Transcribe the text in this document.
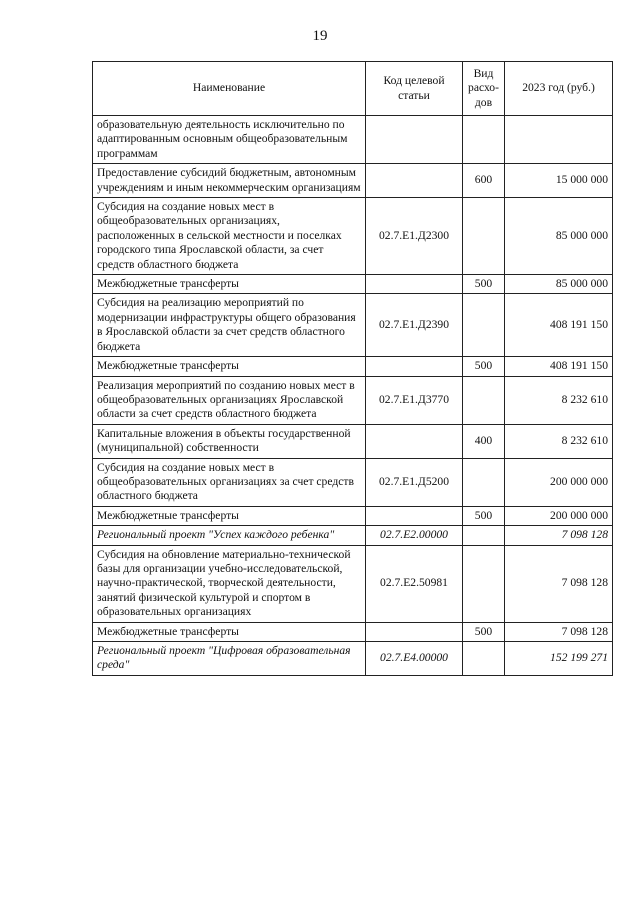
19
Наименование	Код целевой статьи	Вид расхо-дов	2023 год (руб.)
образовательную деятельность исключительно по адаптированным основным общеобразовательным программам			
Предоставление субсидий бюджетным, автономным учреждениям и иным некоммерческим организациям		600	15 000 000
Субсидия на создание новых мест в общеобразовательных организациях, расположенных в сельской местности и поселках городского типа Ярославской области, за счет средств областного бюджета	02.7.Е1.Д2300		85 000 000
Межбюджетные трансферты		500	85 000 000
Субсидия на реализацию мероприятий по модернизации инфраструктуры общего образования в Ярославской области за счет средств областного бюджета	02.7.Е1.Д2390		408 191 150
Межбюджетные трансферты		500	408 191 150
Реализация мероприятий по созданию новых мест в общеобразовательных организациях Ярославской области за счет средств областного бюджета	02.7.Е1.Д3770		8 232 610
Капитальные вложения в объекты государственной (муниципальной) собственности		400	8 232 610
Субсидия на создание новых мест в общеобразовательных организациях за счет средств областного бюджета	02.7.Е1.Д5200		200 000 000
Межбюджетные трансферты		500	200 000 000
Региональный проект "Успех каждого ребенка"	02.7.Е2.00000		7 098 128
Субсидия на обновление материально-технической базы для организации учебно-исследовательской, научно-практической, творческой деятельности, занятий физической культурой и спортом в образовательных организациях	02.7.Е2.50981		7 098 128
Межбюджетные трансферты		500	7 098 128
Региональный проект "Цифровая образовательная среда"	02.7.Е4.00000		152 199 271
